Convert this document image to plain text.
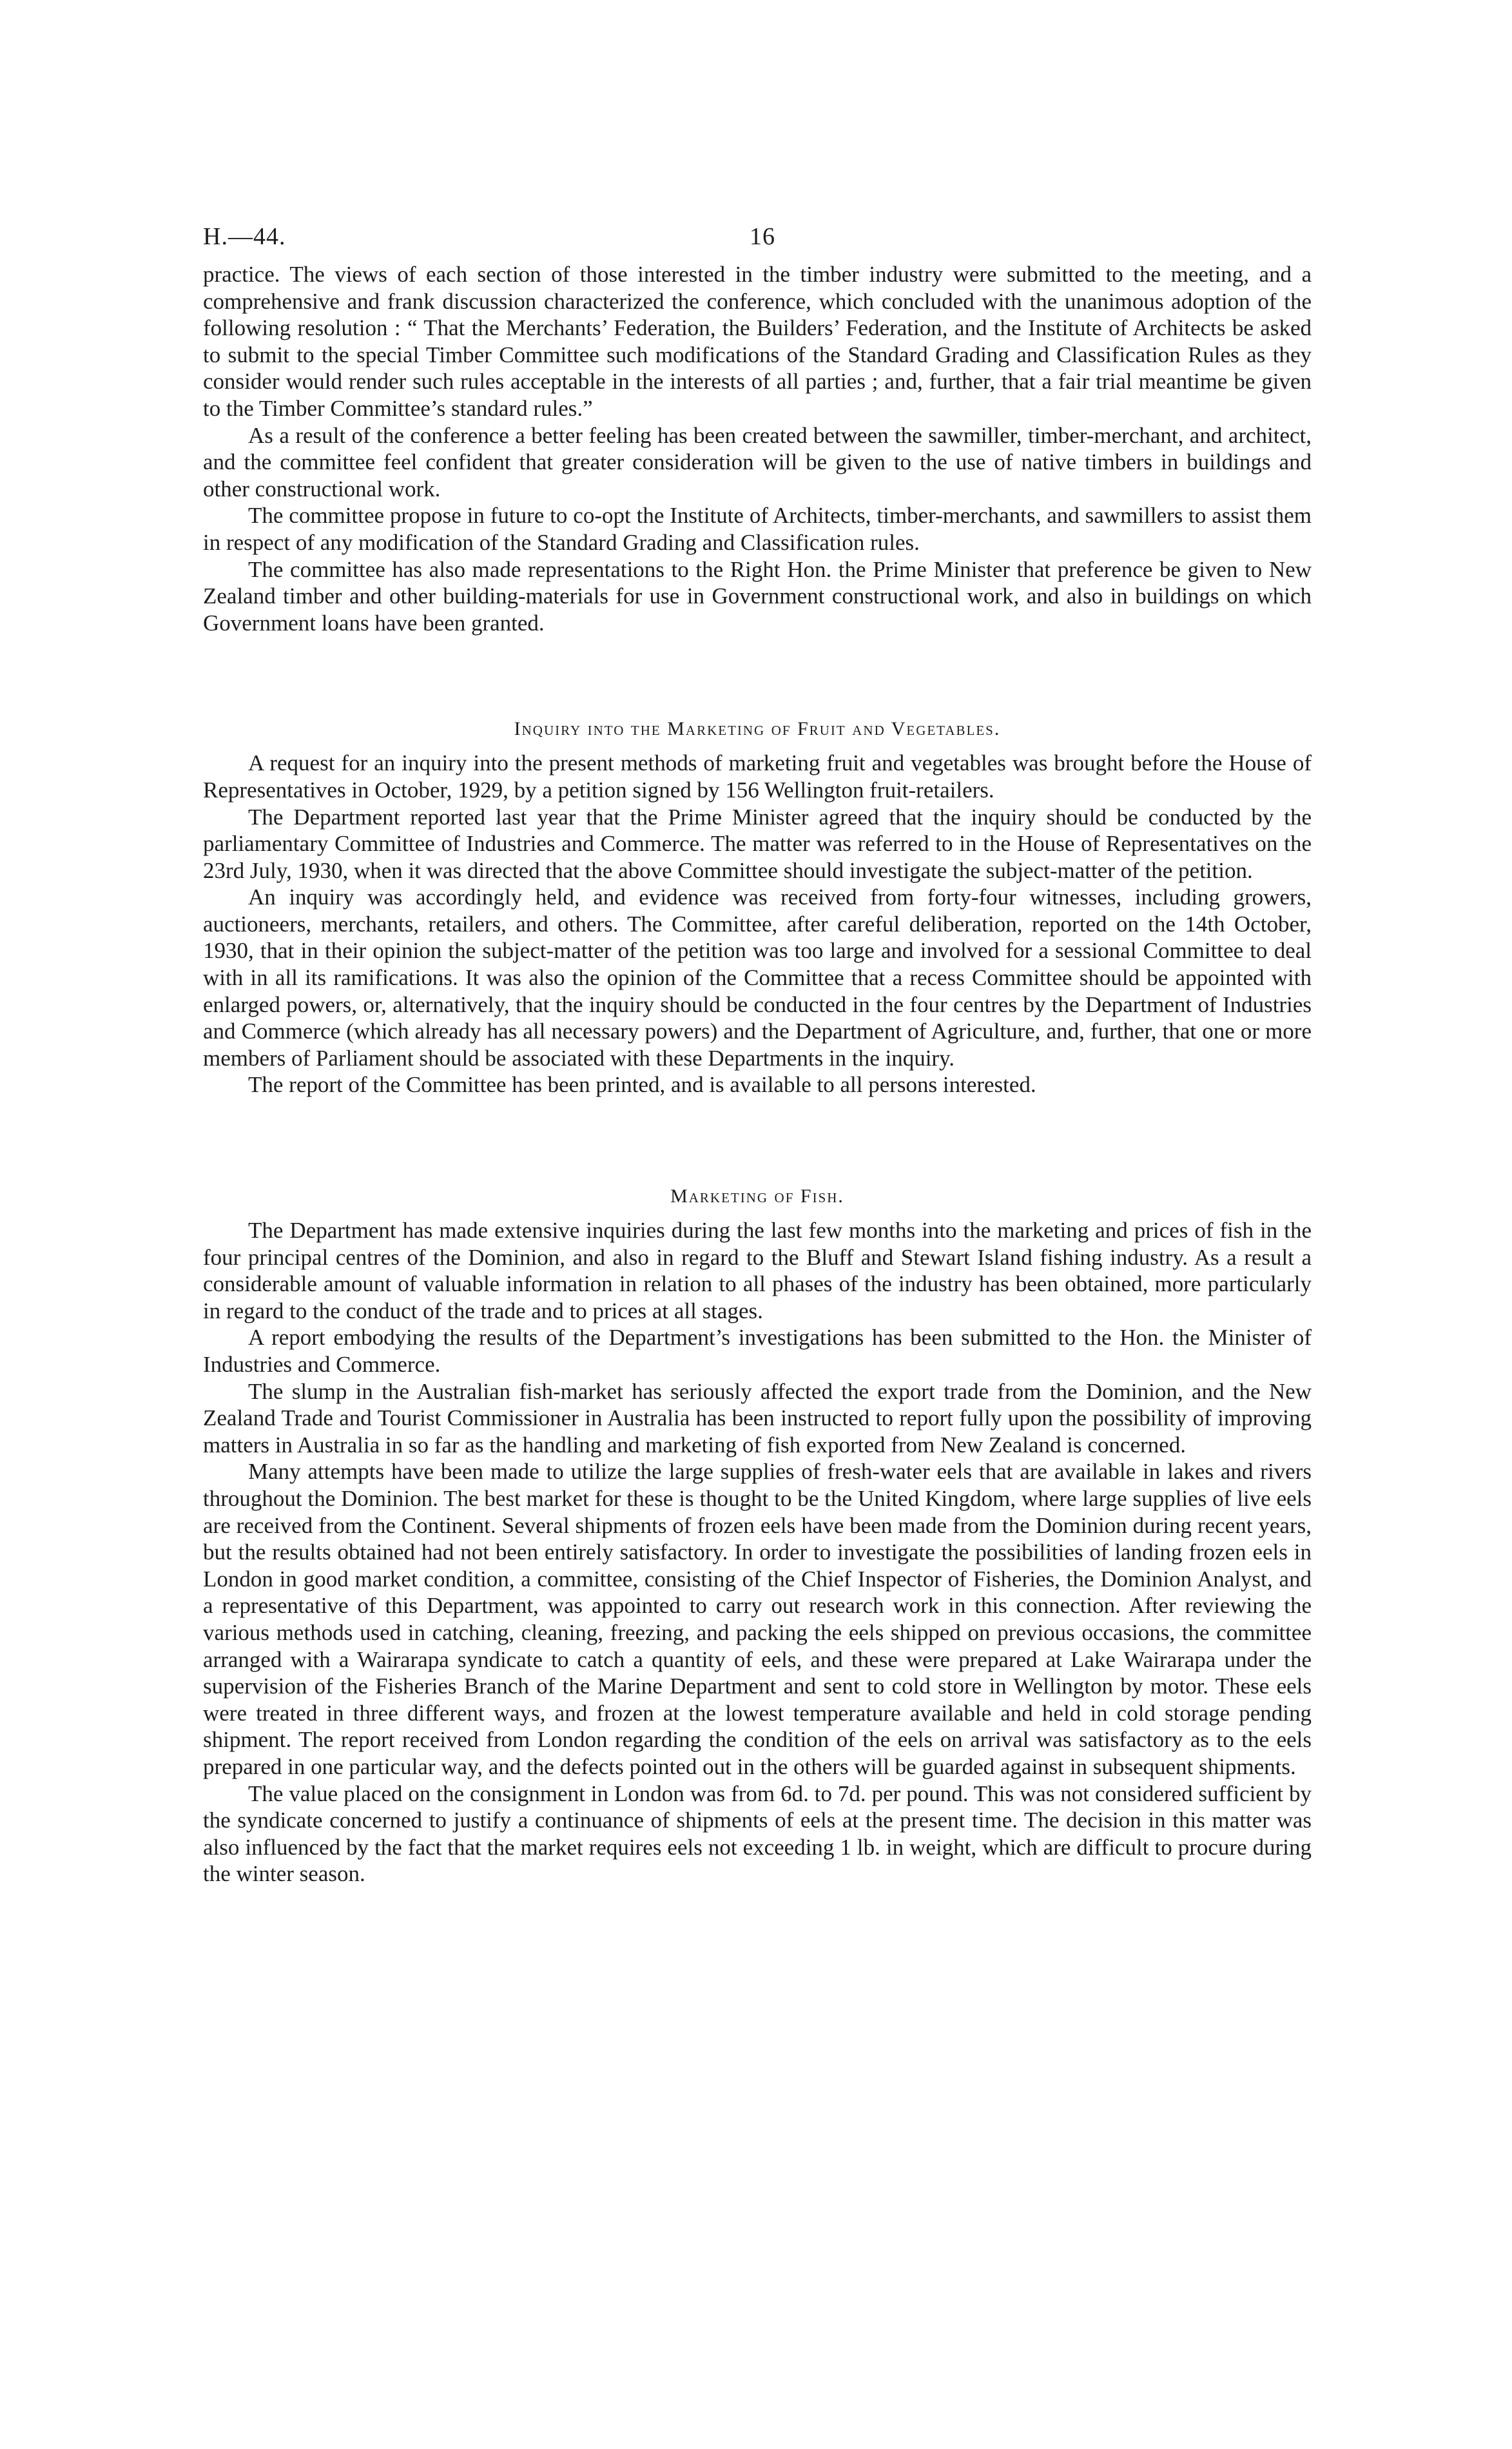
H.—44.	16

practice. The views of each section of those interested in the timber industry were submitted to the meeting, and a comprehensive and frank discussion characterized the conference, which concluded with the unanimous adoption of the following resolution : “ That the Merchants’ Federation, the Builders’ Federation, and the Institute of Architects be asked to submit to the special Timber Committee such modifications of the Standard Grading and Classification Rules as they consider would render such rules acceptable in the interests of all parties ; and, further, that a fair trial meantime be given to the Timber Committee’s standard rules.”

As a result of the conference a better feeling has been created between the sawmiller, timber-merchant, and architect, and the committee feel confident that greater consideration will be given to the use of native timbers in buildings and other constructional work.

The committee propose in future to co-opt the Institute of Architects, timber-merchants, and sawmillers to assist them in respect of any modification of the Standard Grading and Classification rules.

The committee has also made representations to the Right Hon. the Prime Minister that preference be given to New Zealand timber and other building-materials for use in Government constructional work, and also in buildings on which Government loans have been granted.

Inquiry into the Marketing of Fruit and Vegetables.

A request for an inquiry into the present methods of marketing fruit and vegetables was brought before the House of Representatives in October, 1929, by a petition signed by 156 Wellington fruit-retailers.

The Department reported last year that the Prime Minister agreed that the inquiry should be conducted by the parliamentary Committee of Industries and Commerce. The matter was referred to in the House of Representatives on the 23rd July, 1930, when it was directed that the above Committee should investigate the subject-matter of the petition.

An inquiry was accordingly held, and evidence was received from forty-four witnesses, including growers, auctioneers, merchants, retailers, and others. The Committee, after careful deliberation, reported on the 14th October, 1930, that in their opinion the subject-matter of the petition was too large and involved for a sessional Committee to deal with in all its ramifications. It was also the opinion of the Committee that a recess Committee should be appointed with enlarged powers, or, alternatively, that the inquiry should be conducted in the four centres by the Department of Industries and Commerce (which already has all necessary powers) and the Department of Agriculture, and, further, that one or more members of Parliament should be associated with these Departments in the inquiry.

The report of the Committee has been printed, and is available to all persons interested.

Marketing of Fish.

The Department has made extensive inquiries during the last few months into the marketing and prices of fish in the four principal centres of the Dominion, and also in regard to the Bluff and Stewart Island fishing industry. As a result a considerable amount of valuable information in relation to all phases of the industry has been obtained, more particularly in regard to the conduct of the trade and to prices at all stages.

A report embodying the results of the Department’s investigations has been submitted to the Hon. the Minister of Industries and Commerce.

The slump in the Australian fish-market has seriously affected the export trade from the Dominion, and the New Zealand Trade and Tourist Commissioner in Australia has been instructed to report fully upon the possibility of improving matters in Australia in so far as the handling and marketing of fish exported from New Zealand is concerned.

Many attempts have been made to utilize the large supplies of fresh-water eels that are available in lakes and rivers throughout the Dominion. The best market for these is thought to be the United Kingdom, where large supplies of live eels are received from the Continent. Several shipments of frozen eels have been made from the Dominion during recent years, but the results obtained had not been entirely satisfactory. In order to investigate the possibilities of landing frozen eels in London in good market condition, a committee, consisting of the Chief Inspector of Fisheries, the Dominion Analyst, and a representative of this Department, was appointed to carry out research work in this connection. After reviewing the various methods used in catching, cleaning, freezing, and packing the eels shipped on previous occasions, the committee arranged with a Wairarapa syndicate to catch a quantity of eels, and these were prepared at Lake Wairarapa under the supervision of the Fisheries Branch of the Marine Department and sent to cold store in Wellington by motor. These eels were treated in three different ways, and frozen at the lowest temperature available and held in cold storage pending shipment. The report received from London regarding the condition of the eels on arrival was satisfactory as to the eels prepared in one particular way, and the defects pointed out in the others will be guarded against in subsequent shipments.

The value placed on the consignment in London was from 6d. to 7d. per pound. This was not considered sufficient by the syndicate concerned to justify a continuance of shipments of eels at the present time. The decision in this matter was also influenced by the fact that the market requires eels not exceeding 1 lb. in weight, which are difficult to procure during the winter season.
